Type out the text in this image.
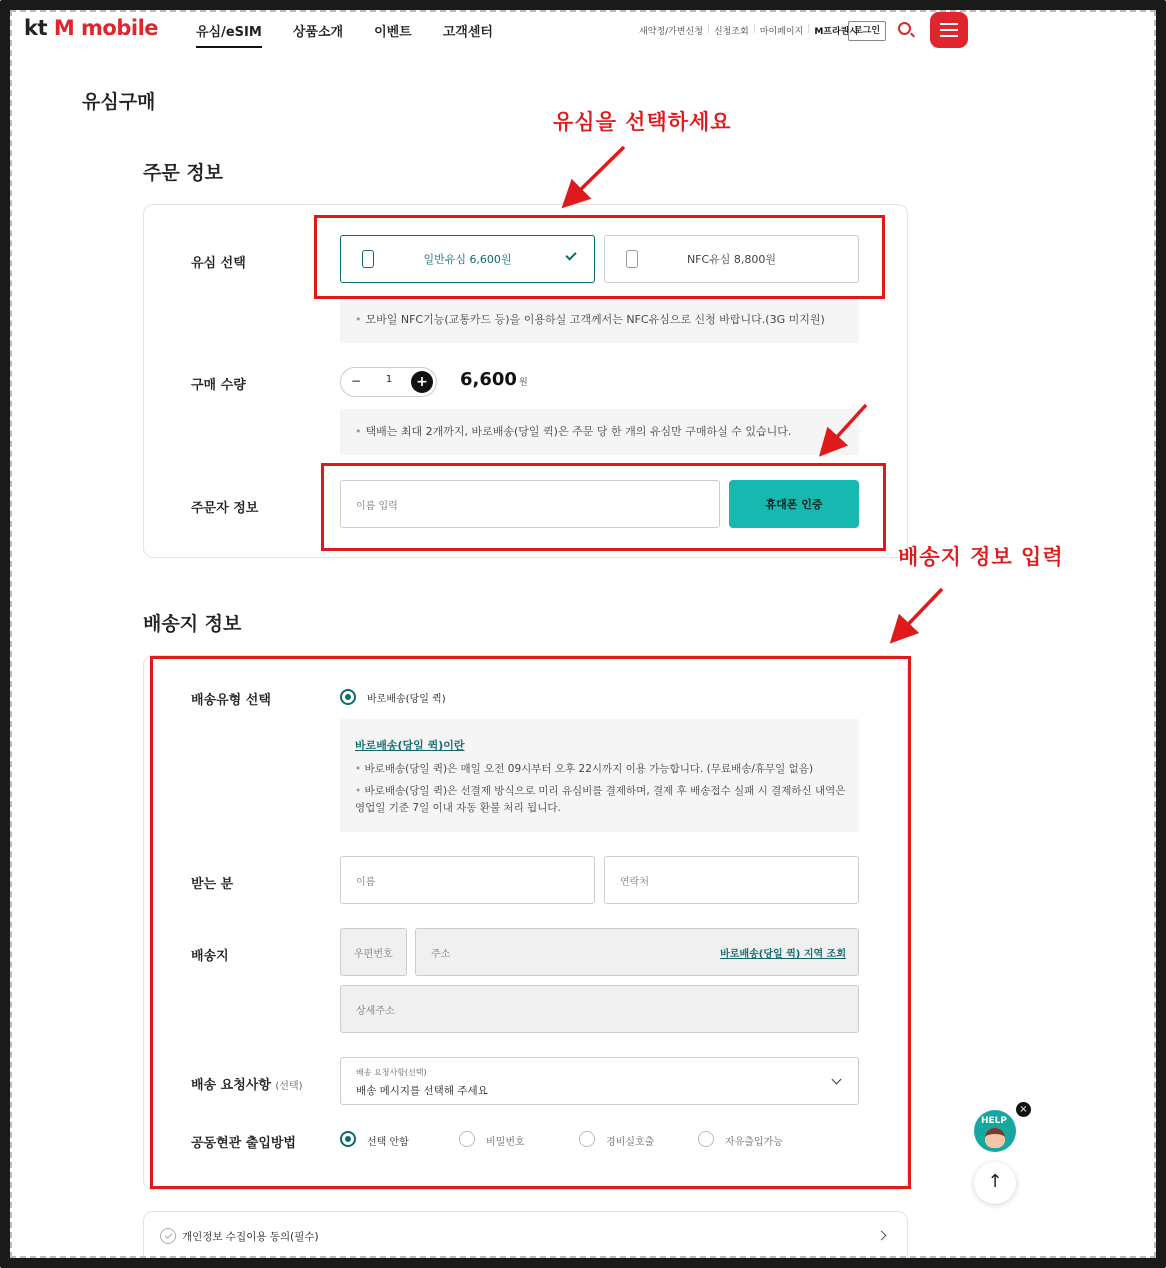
kt M mobile	유심/eSIM 상품소개 이벤트 고객센터	새약정/가변신청 | 신청조회 | 마이페이지 | M프라퀀시
로그인
유심구매
주문 정보
유심 선택	일반유심 6,600원	NFC유심 8,800원
• 모바일 NFC기능(교통카드 등)을 이용하실 고객께서는 NFC유심으로 신청 바랍니다.(3G 미지원)
구매 수량	−	1	+ 6,600 원
• 택배는 최대 2개까지, 바로배송(당일 퀵)은 주문 당 한 개의 유심만 구매하실 수 있습니다.
주문자 정보	이름 입력	휴대폰 인증
배송지 정보
배송유형 선택	바로배송(당일 퀵)
바로배송(당일 퀵)이란
• 바로배송(당일 퀵)은 매일 오전 09시부터 오후 22시까지 이용 가능합니다. (무료배송/휴무일 없음)
• 바로배송(당일 퀵)은 선결제 방식으로 미리 유심비를 결제하며, 결제 후 배송접수 실패 시 결제하신 내역은 영업일 기준 7일 이내 자동 환불 처리 됩니다.
받는 분	이름	연락처
배송지	우편번호	주소	바로배송(당일 퀵) 지역 조회
상세주소
배송 요청사항 (선택)
배송 요청사항(선택)
배송 메시지를 선택해 주세요
공동현관 출입방법	선택 안함	비밀번호	경비실호출	자유출입가능
개인정보 수집이용 동의(필수)
HELP
×
↑
유심을 선택하세요
배송지 정보 입력
